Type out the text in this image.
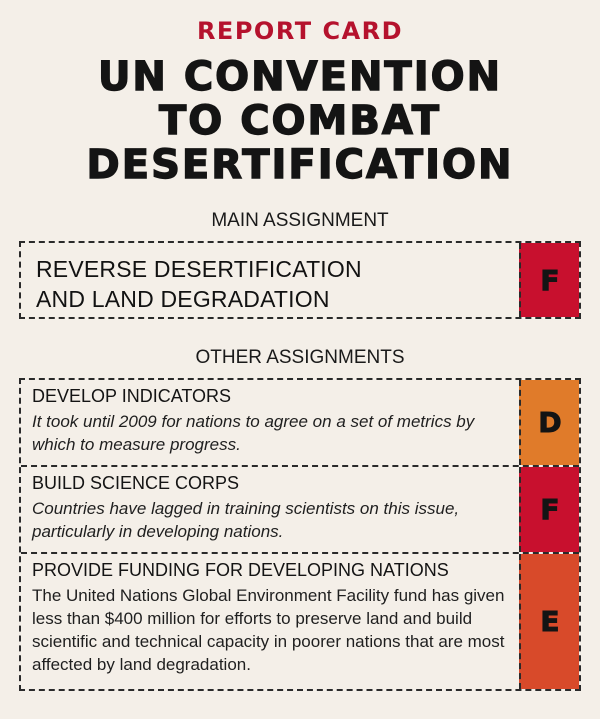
REPORT CARD
UN CONVENTION
TO COMBAT
DESERTIFICATION
MAIN ASSIGNMENT
REVERSE DESERTIFICATION
AND LAND DEGRADATION
F
OTHER ASSIGNMENTS
DEVELOP INDICATORS
It took until 2009 for nations to agree on a set of metrics by which to measure progress.
D
BUILD SCIENCE CORPS
Countries have lagged in training scientists on this issue, particularly in developing nations.
F
PROVIDE FUNDING FOR DEVELOPING NATIONS
The United Nations Global Environment Facility fund has given less than $400 million for efforts to preserve land and build scientific and technical capacity in poorer nations that are most affected by land degradation.
E
